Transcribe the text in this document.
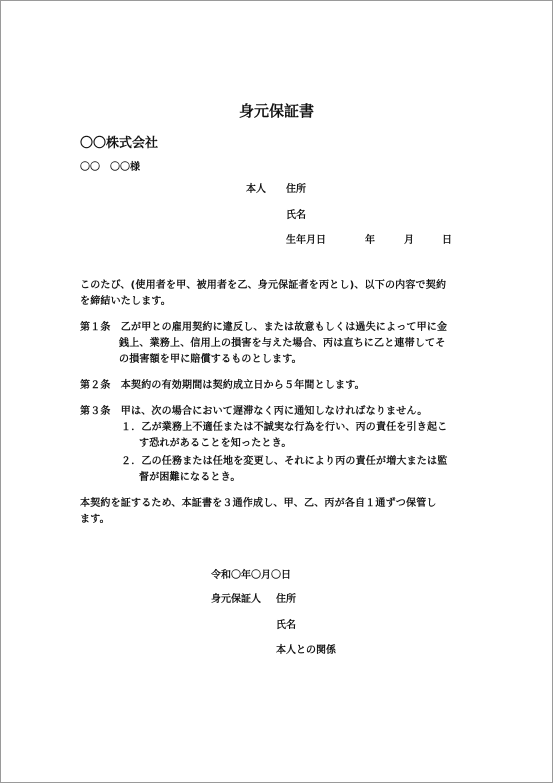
身元保証書
〇〇株式会社
〇〇　〇〇様
本人 住所
氏名
生年月日	年	月	日
このたび、(使用者を甲、被用者を乙、身元保証者を丙とし)、以下の内容で契約
を締結いたします。
第１条　乙が甲との雇用契約に違反し、または故意もしくは過失によって甲に金
銭上、業務上、信用上の損害を与えた場合、丙は直ちに乙と連帯してそ
の損害額を甲に賠償するものとします。
第２条　本契約の有効期間は契約成立日から５年間とします。
第３条　甲は、次の場合において遅滞なく丙に通知しなければなりません。
１．乙が業務上不適任または不誠実な行為を行い、丙の責任を引き起こ
す恐れがあることを知ったとき。
２．乙の任務または任地を変更し、それにより丙の責任が増大または監
督が困難になるとき。
本契約を証するため、本証書を３通作成し、甲、乙、丙が各自１通ずつ保管し
ます。
令和〇年〇月〇日
身元保証人 住所
氏名
本人との関係
